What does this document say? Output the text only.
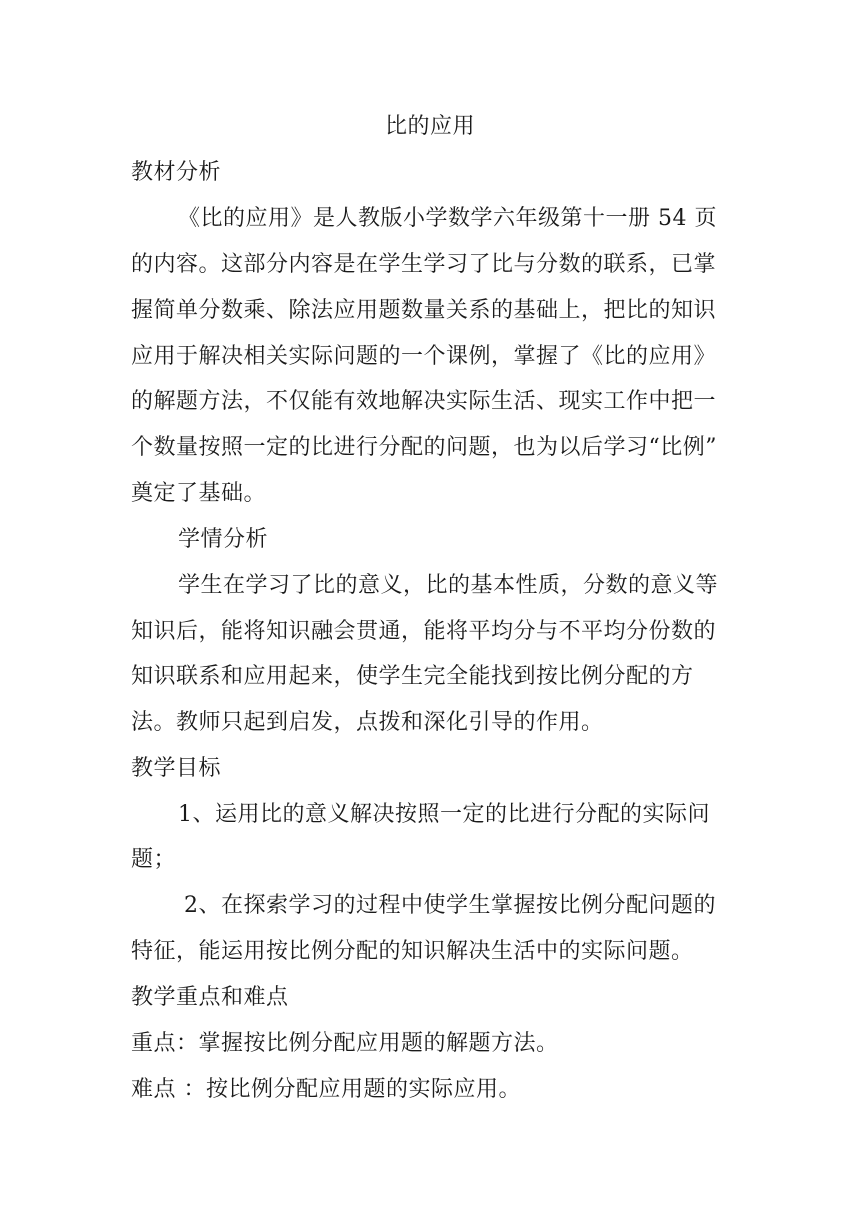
比的应用
教材分析
《比的应用》是人教版小学数学六年级第十一册 54 页
的内容。这部分内容是在学生学习了比与分数的联系，已掌
握简单分数乘、除法应用题数量关系的基础上，把比的知识
应用于解决相关实际问题的一个课例，掌握了《比的应用》
的解题方法，不仅能有效地解决实际生活、现实工作中把一
个数量按照一定的比进行分配的问题，也为以后学习“比例”
奠定了基础。
学情分析
学生在学习了比的意义，比的基本性质，分数的意义等
知识后，能将知识融会贯通，能将平均分与不平均分份数的
知识联系和应用起来，使学生完全能找到按比例分配的方
法。教师只起到启发，点拨和深化引导的作用。
教学目标
1、运用比的意义解决按照一定的比进行分配的实际问
题；
2、在探索学习的过程中使学生掌握按比例分配问题的
特征，能运用按比例分配的知识解决生活中的实际问题。
教学重点和难点
重点：掌握按比例分配应用题的解题方法。
难点 ：按比例分配应用题的实际应用。
